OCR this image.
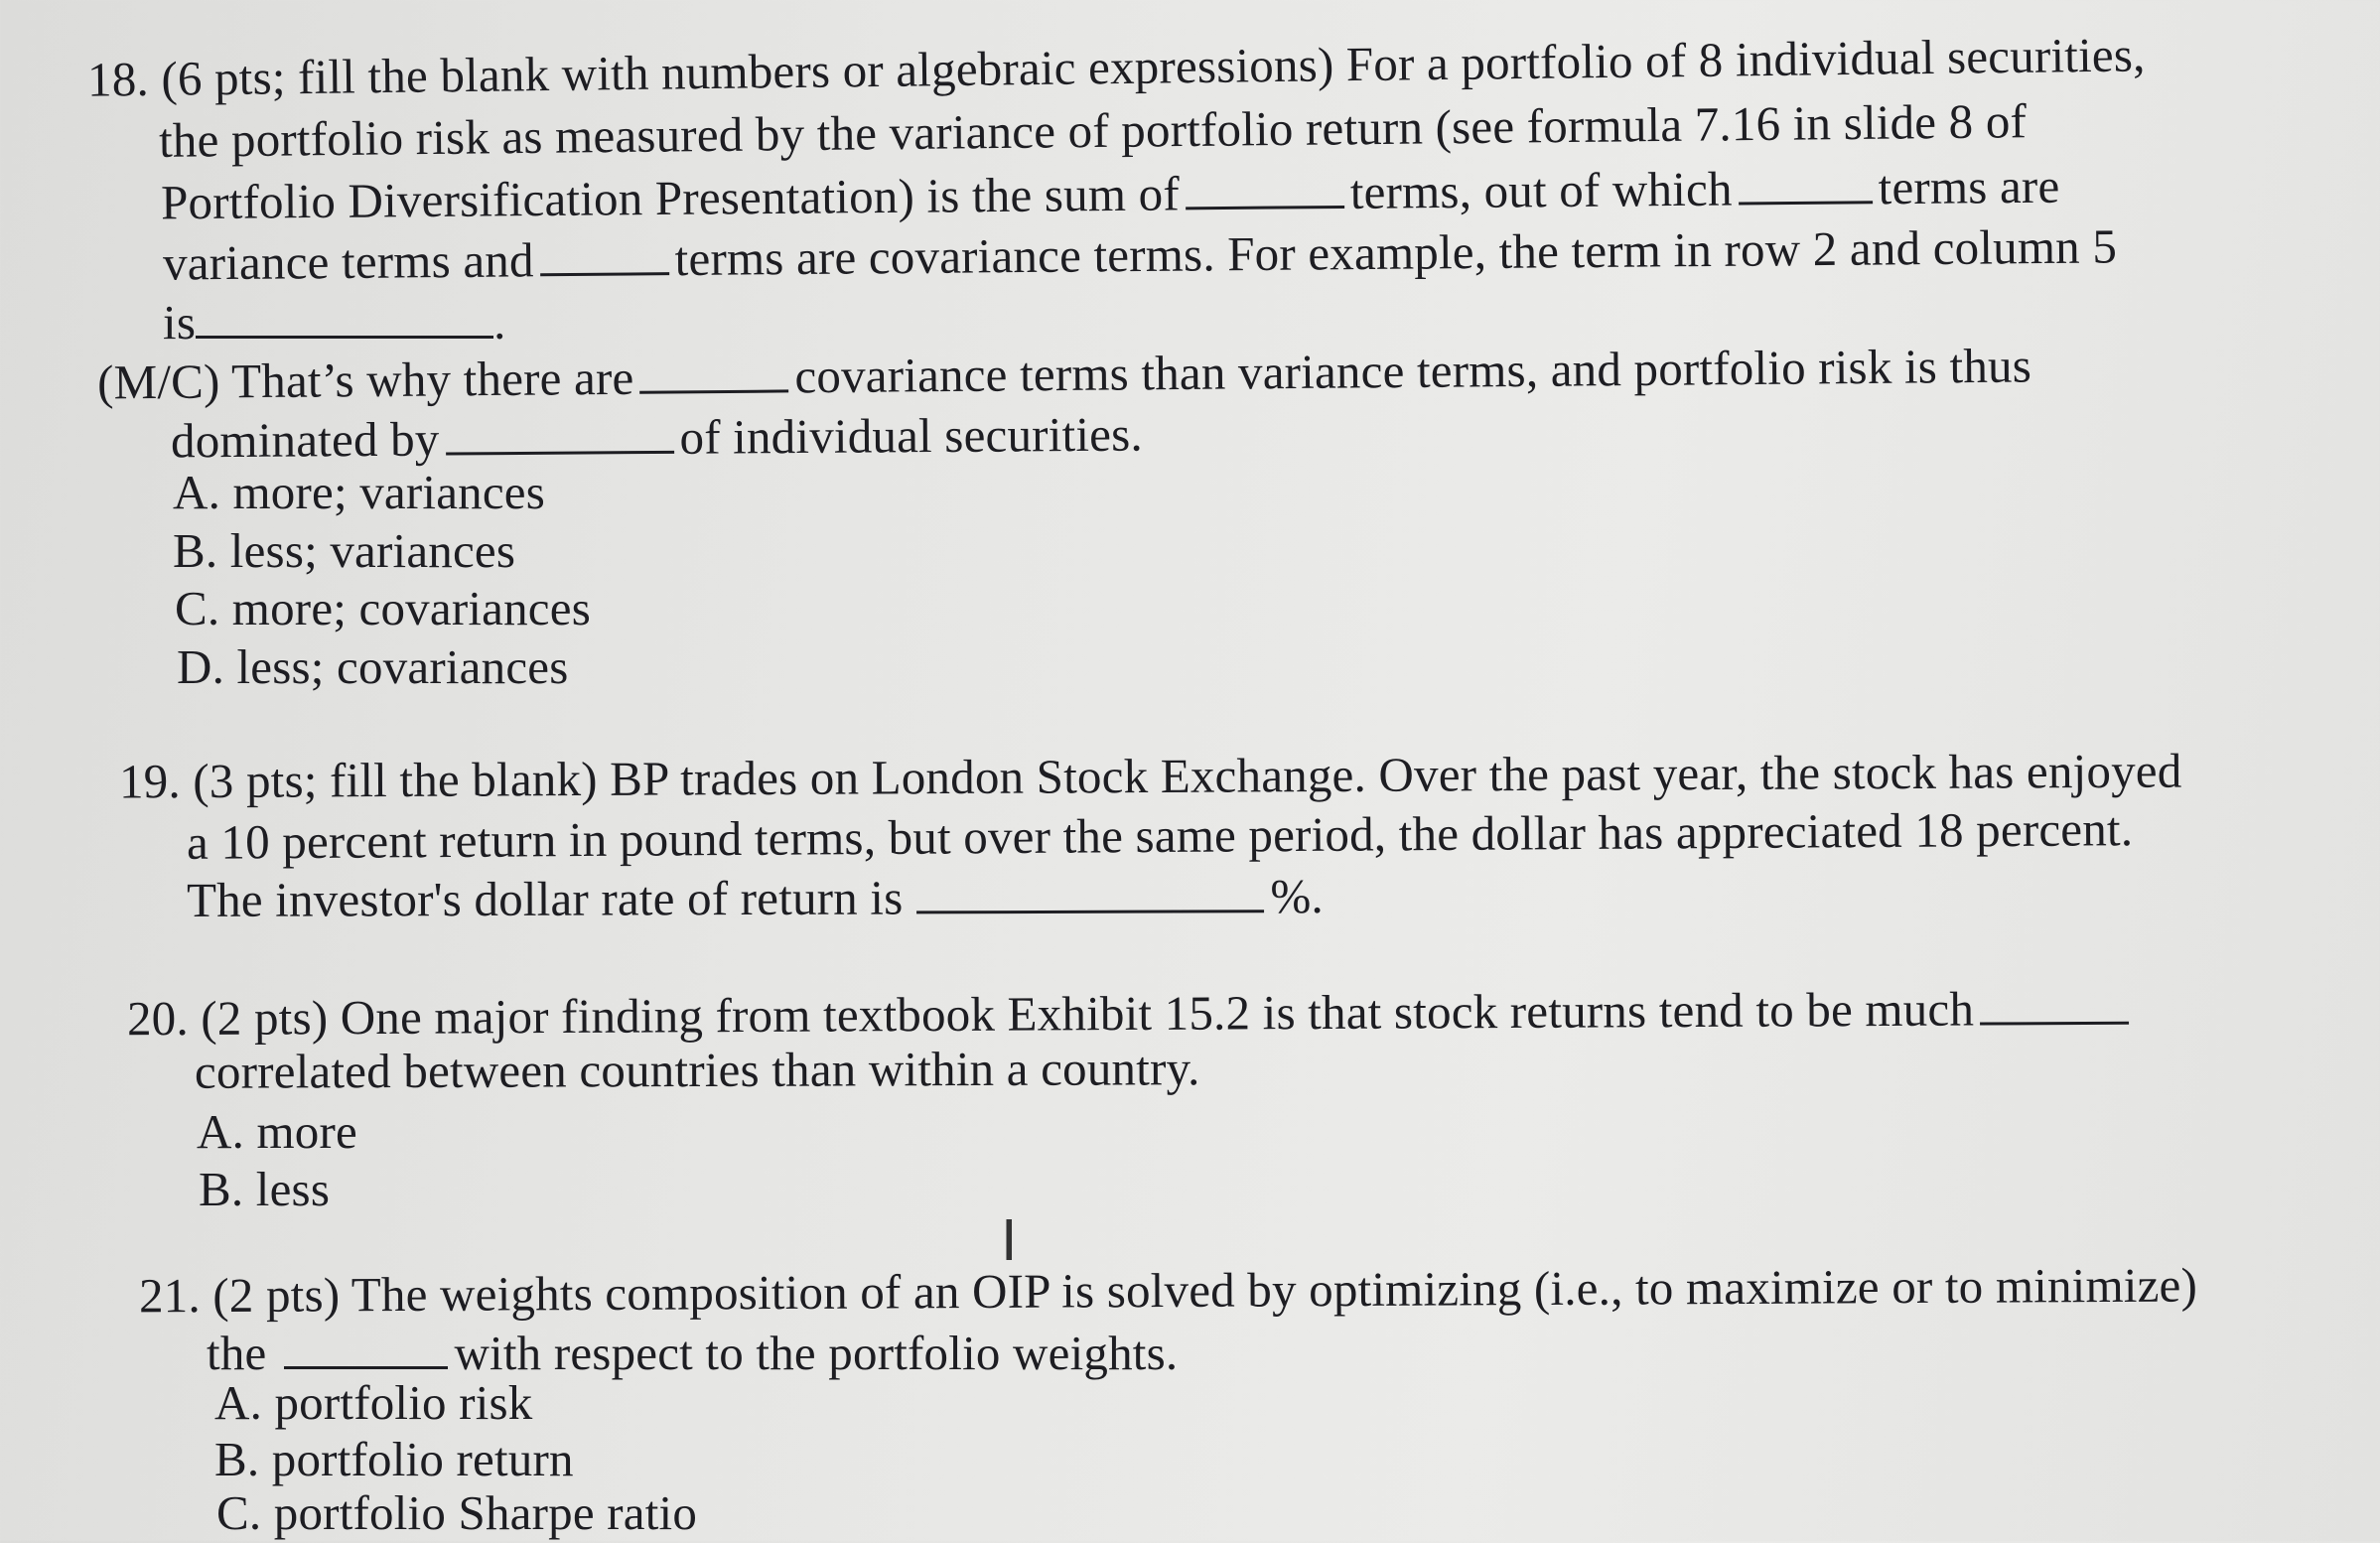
18. (6 pts; fill the blank with numbers or algebraic expressions) For a portfolio of 8 individual securities,
the portfolio risk as measured by the variance of portfolio return (see formula 7.16 in slide 8 of
Portfolio Diversification Presentation) is the sum of	terms, out of which	terms are
variance terms and	terms are covariance terms. For example, the term in row 2 and column 5
is	.
(M/C) That’s why there are	covariance terms than variance terms, and portfolio risk is thus
dominated by	of individual securities.
A. more; variances
B. less; variances
C. more; covariances
D. less; covariances
19. (3 pts; fill the blank) BP trades on London Stock Exchange. Over the past year, the stock has enjoyed
a 10 percent return in pound terms, but over the same period, the dollar has appreciated 18 percent.
The investor's dollar rate of return is	%.
20. (2 pts) One major finding from textbook Exhibit 15.2 is that stock returns tend to be much
correlated between countries than within a country.
A. more
B. less
I
21. (2 pts) The weights composition of an OIP is solved by optimizing (i.e., to maximize or to minimize)
the	with respect to the portfolio weights.
A. portfolio risk
B. portfolio return
C. portfolio Sharpe ratio
